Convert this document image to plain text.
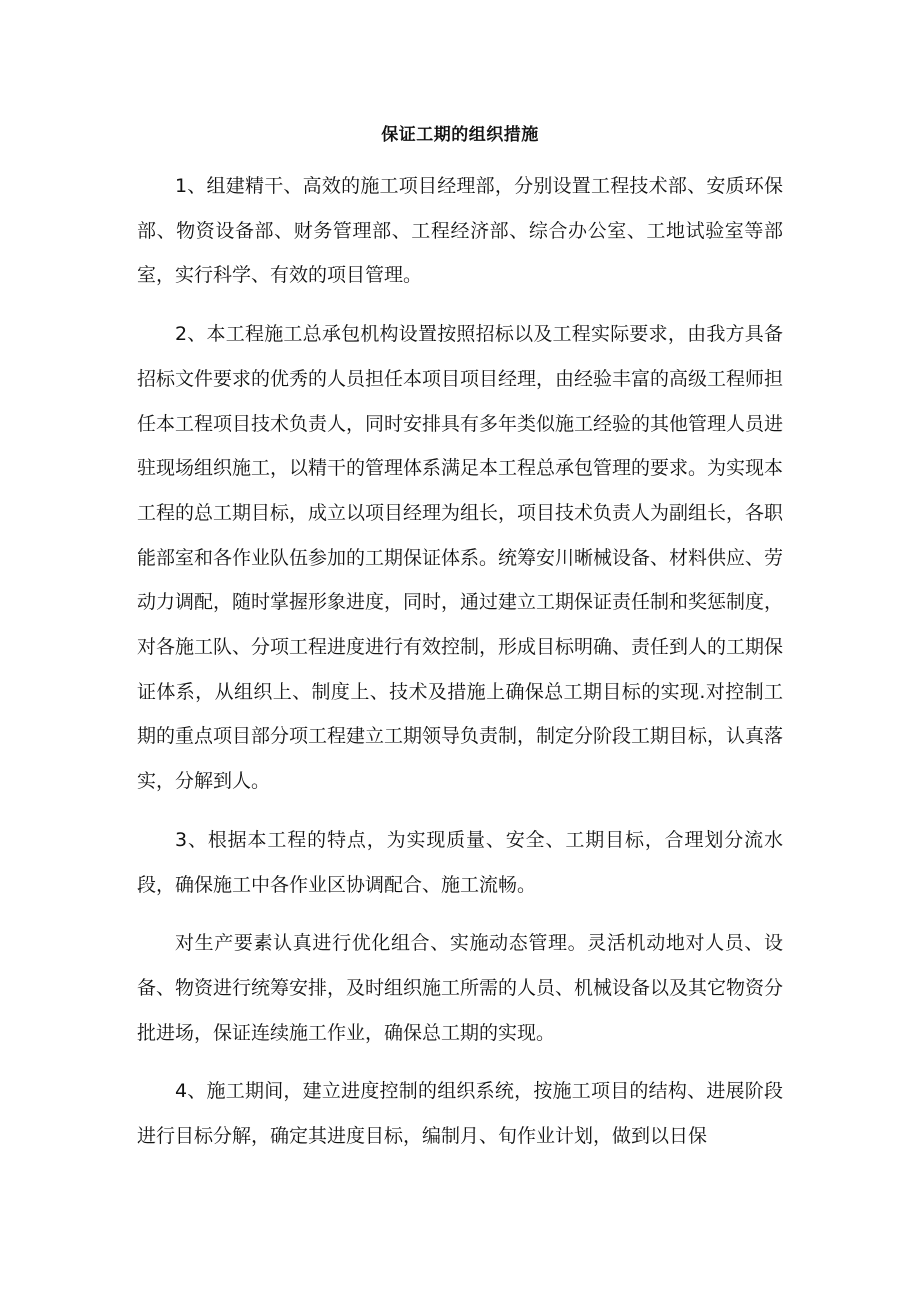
保证工期的组织措施

1、组建精干、高效的施工项目经理部，分别设置工程技术部、安质环保部、物资设备部、财务管理部、工程经济部、综合办公室、工地试验室等部室，实行科学、有效的项目管理。

2、本工程施工总承包机构设置按照招标以及工程实际要求，由我方具备招标文件要求的优秀的人员担任本项目项目经理，由经验丰富的高级工程师担任本工程项目技术负责人，同时安排具有多年类似施工经验的其他管理人员进驻现场组织施工，以精干的管理体系满足本工程总承包管理的要求。为实现本工程的总工期目标，成立以项目经理为组长，项目技术负责人为副组长，各职能部室和各作业队伍参加的工期保证体系。统筹安川晰械设备、材料供应、劳动力调配，随时掌握形象进度，同时，通过建立工期保证责任制和奖惩制度，对各施工队、分项工程进度进行有效控制，形成目标明确、责任到人的工期保证体系，从组织上、制度上、技术及措施上确保总工期目标的实现.对控制工期的重点项目部分项工程建立工期领导负责制，制定分阶段工期目标，认真落实，分解到人。

3、根据本工程的特点，为实现质量、安全、工期目标，合理划分流水段，确保施工中各作业区协调配合、施工流畅。

对生产要素认真进行优化组合、实施动态管理。灵活机动地对人员、设备、物资进行统筹安排，及时组织施工所需的人员、机械设备以及其它物资分批进场，保证连续施工作业，确保总工期的实现。

4、施工期间，建立进度控制的组织系统，按施工项目的结构、进展阶段进行目标分解，确定其进度目标，编制月、旬作业计划，做到以日保
